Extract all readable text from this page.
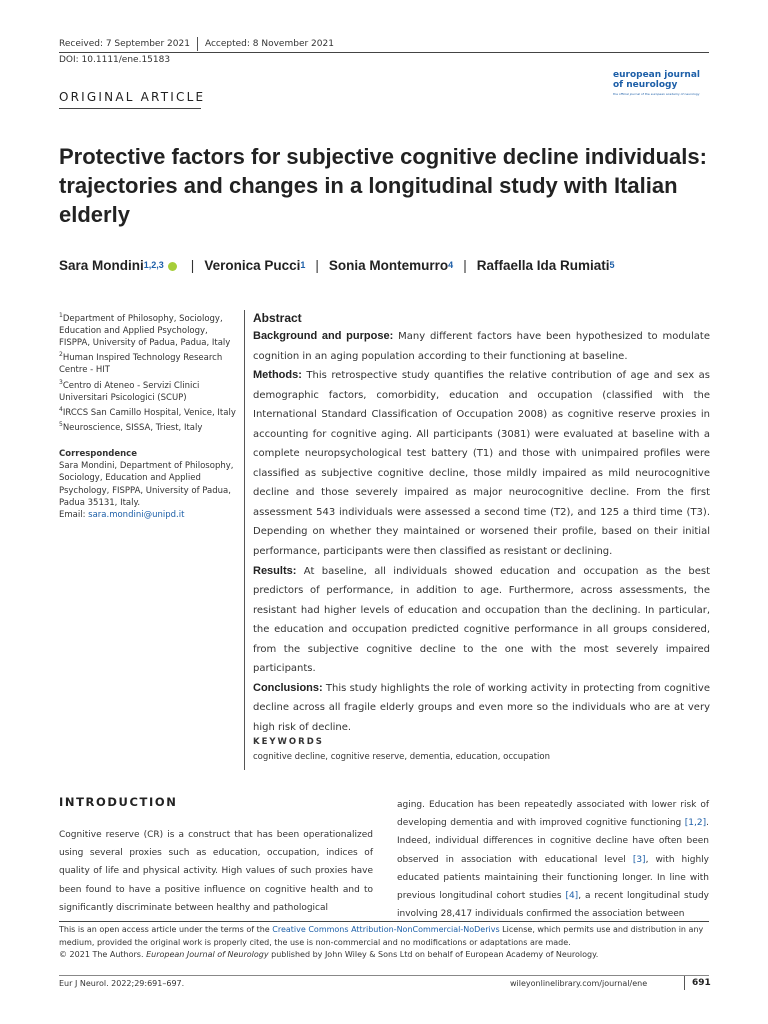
Received: 7 September 2021 Accepted: 8 November 2021
DOI: 10.1111/ene.15183
european journal
of neurology
the official journal of the european academy of neurology
ORIGINAL ARTICLE
Protective factors for subjective cognitive decline individuals: trajectories and changes in a longitudinal study with Italian elderly
Sara Mondini$^{1,2,3}$ | Veronica Pucci$^1$ | Sonia Montemurro$^4$ | Raffaella Ida Rumiati$^5$

$^1$Department of Philosophy, Sociology, Education and Applied Psychology, FISPPA, University of Padua, Padua, Italy

$^2$Human Inspired Technology Research Centre - HIT

$^3$Centro di Ateneo - Servizi Clinici Universitari Psicologici (SCUP)

$^4$IRCCS San Camillo Hospital, Venice, Italy

$^5$Neuroscience, SISSA, Triest, Italy

Correspondence

Sara Mondini, Department of Philosophy, Sociology, Education and Applied Psychology, FISPPA, University of Padua, Padua 35131, Italy.

Email: sara.mondini@unipd.it

Abstract
Background and purpose: Many different factors have been hypothesized to modulate cognition in an aging population according to their functioning at baseline.
Methods: This retrospective study quantifies the relative contribution of age and sex as demographic factors, comorbidity, education and occupation (classified with the International Standard Classification of Occupation 2008) as cognitive reserve proxies in accounting for cognitive aging. All participants (3081) were evaluated at baseline with a complete neuropsychological test battery (T1) and those with unimpaired profiles were classified as subjective cognitive decline, those mildly impaired as mild neurocognitive decline and those severely impaired as major neurocognitive decline. From the first assessment 543 individuals were assessed a second time (T2), and 125 a third time (T3). Depending on whether they maintained or worsened their profile, based on their initial performance, participants were then classified as resistant or declining.
Results: At baseline, all individuals showed education and occupation as the best predictors of performance, in addition to age. Furthermore, across assessments, the resistant had higher levels of education and occupation than the declining. In particular, the education and occupation predicted cognitive performance in all groups considered, from the subjective cognitive decline to the one with the most severely impaired participants.
Conclusions: This study highlights the role of working activity in protecting from cognitive decline across all fragile elderly groups and even more so the individuals who are at very high risk of decline.
KEYWORDS
cognitive decline, cognitive reserve, dementia, education, occupation
INTRODUCTION
Cognitive reserve (CR) is a construct that has been operationalized using several proxies such as education, occupation, indices of quality of life and physical activity. High values of such proxies have been found to have a positive influence on cognitive health and to significantly discriminate between healthy and pathological
aging. Education has been repeatedly associated with lower risk of developing dementia and with improved cognitive functioning [1,2]. Indeed, individual differences in cognitive decline have often been observed in association with educational level [3], with highly educated patients maintaining their functioning longer. In line with previous longitudinal cohort studies [4], a recent longitudinal study involving 28,417 individuals confirmed the association between
This is an open access article under the terms of the Creative Commons Attribution-NonCommercial-NoDerivs License, which permits use and distribution in any medium, provided the original work is properly cited, the use is non-commercial and no modifications or adaptations are made.
© 2021 The Authors. European Journal of Neurology published by John Wiley & Sons Ltd on behalf of European Academy of Neurology.
Eur J Neurol. 2022;29:691–697.	wileyonlinelibrary.com/journal/ene	691
